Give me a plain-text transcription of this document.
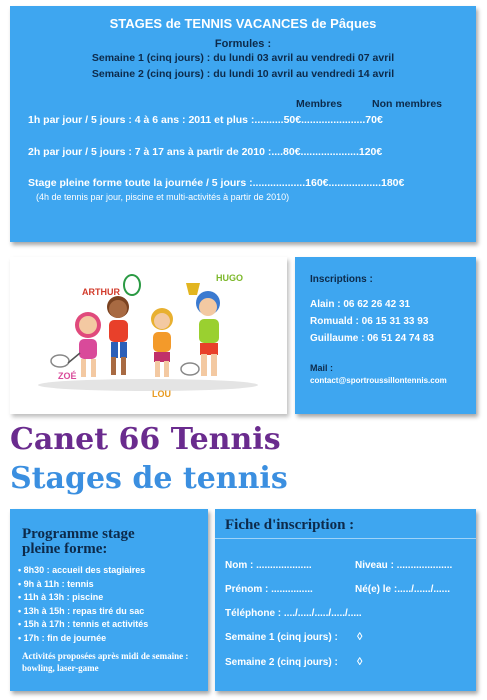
STAGES de TENNIS VACANCES de Pâques
Formules :
Semaine 1 (cinq jours) : du lundi 03 avril au vendredi 07 avril
Semaine 2 (cinq jours) : du lundi 10 avril au vendredi 14 avril
Membres	Non membres
1h par jour / 5 jours : 4 à 6 ans : 2011 et plus :..........50€......................70€
2h par jour / 5 jours : 7 à 17 ans à partir de 2010 :....80€....................120€
Stage pleine forme toute la journée / 5 jours :..................160€..................180€
(4h de tennis par jour, piscine et multi-activités à partir de 2010)
ARTHUR
HUGO
ZOÉ
LOU
Inscriptions :
Alain : 06 62 26 42 31
Romuald : 06 15 31 33 93
Guillaume : 06 51 24 74 83
Mail :
contact@sportroussillontennis.com
Canet 66 Tennis
Stages de tennis
Programme stage
pleine forme:
• 8h30 : accueil des stagiaires
• 9h à 11h : tennis
• 11h à 13h : piscine
• 13h à 15h : repas tiré du sac
• 15h à 17h : tennis et activités
• 17h : fin de journée
Activités proposées après midi de semaine : bowling, laser-game
Fiche d'inscription :
Nom : ....................	Niveau : ....................
Prénom : ...............	Né(e) le :...../....../......
Téléphone : ..../...../...../...../.....
Semaine 1 (cinq jours) : ◊
Semaine 2 (cinq jours) : ◊
